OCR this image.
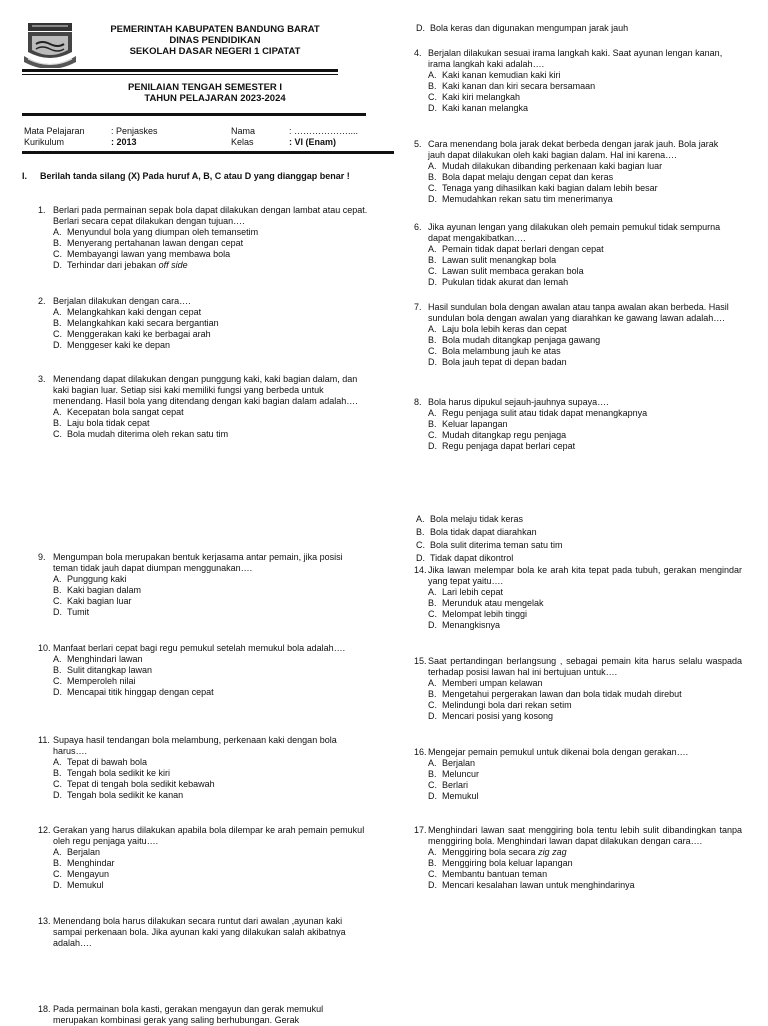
PEMERINTAH KABUPATEN BANDUNG BARAT
DINAS PENDIDIKAN
SEKOLAH DASAR NEGERI 1 CIPATAT
PENILAIAN TENGAH SEMESTER I
TAHUN PELAJARAN 2023-2024
Mata Pelajaran	: Penjaskes	Nama	: ………………....
Kurikulum	: 2013	Kelas	: VI (Enam)
I. Berilah tanda silang (X) Pada huruf A, B, C atau D yang dianggap benar !
1. Berlari pada permainan sepak bola dapat dilakukan dengan lambat atau cepat. Berlari secara cepat dilakukan dengan tujuan….
A. Menyundul bola yang diumpan oleh temansetim
B. Menyerang pertahanan lawan dengan cepat
C. Membayangi lawan yang membawa bola
D. Terhindar dari jebakan off side
2. Berjalan dilakukan dengan cara….
A. Melangkahkan kaki dengan cepat
B. Melangkahkan kaki secara bergantian
C. Menggerakan kaki ke berbagai arah
D. Menggeser kaki ke depan
3. Menendang dapat dilakukan dengan punggung kaki, kaki bagian dalam, dan kaki bagian luar. Setiap sisi kaki memiliki fungsi yang berbeda untuk menendang. Hasil bola yang ditendang dengan kaki bagian dalam adalah….
A. Kecepatan bola sangat cepat
B. Laju bola tidak cepat
C. Bola mudah diterima oleh rekan satu tim
9. Mengumpan bola merupakan bentuk kerjasama antar pemain, jika posisi teman tidak jauh dapat diumpan menggunakan….
A. Punggung kaki
B. Kaki bagian dalam
C. Kaki bagian luar
D. Tumit
10. Manfaat berlari cepat bagi regu pemukul setelah memukul bola adalah….
A. Menghindari lawan
B. Sulit ditangkap lawan
C. Memperoleh nilai
D. Mencapai titik hinggap dengan cepat
11. Supaya hasil tendangan bola melambung, perkenaan kaki dengan bola harus….
A. Tepat di bawah bola
B. Tengah bola sedikit ke kiri
C. Tepat di tengah bola sedikit kebawah
D. Tengah bola sedikit ke kanan
12. Gerakan yang harus dilakukan apabila bola dilempar ke arah pemain pemukul oleh regu penjaga yaitu….
A. Berjalan
B. Menghindar
C. Mengayun
D. Memukul
13. Menendang bola harus dilakukan secara runtut dari awalan ,ayunan kaki sampai perkenaan bola. Jika ayunan kaki yang dilakukan salah akibatnya adalah….
18. Pada permainan bola kasti, gerakan mengayun dan gerak memukul merupakan kombinasi gerak yang saling berhubungan. Gerak
D. Bola keras dan digunakan mengumpan jarak jauh
4. Berjalan dilakukan sesuai irama langkah kaki. Saat ayunan lengan kanan, irama langkah kaki adalah….
A. Kaki kanan kemudian kaki kiri
B. Kaki kanan dan kiri secara bersamaan
C. Kaki kiri melangkah
D. Kaki kanan melangka
5. Cara menendang bola jarak dekat berbeda dengan jarak jauh. Bola jarak jauh dapat dilakukan oleh kaki bagian dalam. Hal ini karena….
A. Mudah dilakukan dibanding perkenaan kaki bagian luar
B. Bola dapat melaju dengan cepat dan keras
C. Tenaga yang dihasilkan kaki bagian dalam lebih besar
D. Memudahkan rekan satu tim menerimanya
6. Jika ayunan lengan yang dilakukan oleh pemain pemukul tidak sempurna dapat mengakibatkan….
A. Pemain tidak dapat berlari dengan cepat
B. Lawan sulit menangkap bola
C. Lawan sulit membaca gerakan bola
D. Pukulan tidak akurat dan lemah
7. Hasil sundulan bola dengan awalan atau tanpa awalan akan berbeda. Hasil sundulan bola dengan awalan yang diarahkan ke gawang lawan adalah….
A. Laju bola lebih keras dan cepat
B. Bola mudah ditangkap penjaga gawang
C. Bola melambung jauh ke atas
D. Bola jauh tepat di depan badan
8. Bola harus dipukul sejauh-jauhnya supaya….
A. Regu penjaga sulit atau tidak dapat menangkapnya
B. Keluar lapangan
C. Mudah ditangkap regu penjaga
D. Regu penjaga dapat berlari cepat
A. Bola melaju tidak keras
B. Bola tidak dapat diarahkan
C. Bola sulit diterima teman satu tim
D. Tidak dapat dikontrol
14. Jika lawan melempar bola ke arah kita tepat pada tubuh, gerakan mengindar yang tepat yaitu….
A. Lari lebih cepat
B. Merunduk atau mengelak
C. Melompat lebih tinggi
D. Menangkisnya
15. Saat pertandingan berlangsung , sebagai pemain kita harus selalu waspada terhadap posisi lawan hal ini bertujuan untuk….
A. Memberi umpan kelawan
B. Mengetahui pergerakan lawan dan bola tidak mudah direbut
C. Melindungi bola dari rekan setim
D. Mencari posisi yang kosong
16. Mengejar pemain pemukul untuk dikenai bola dengan gerakan….
A. Berjalan
B. Meluncur
C. Berlari
D. Memukul
17. Menghindari lawan saat menggiring bola tentu lebih sulit dibandingkan tanpa menggiring bola. Menghindari lawan dapat dilakukan dengan cara….
A. Menggiring bola secara zig zag
B. Menggiring bola keluar lapangan
C. Membantu bantuan teman
D. Mencari kesalahan lawan untuk menghindarinya
